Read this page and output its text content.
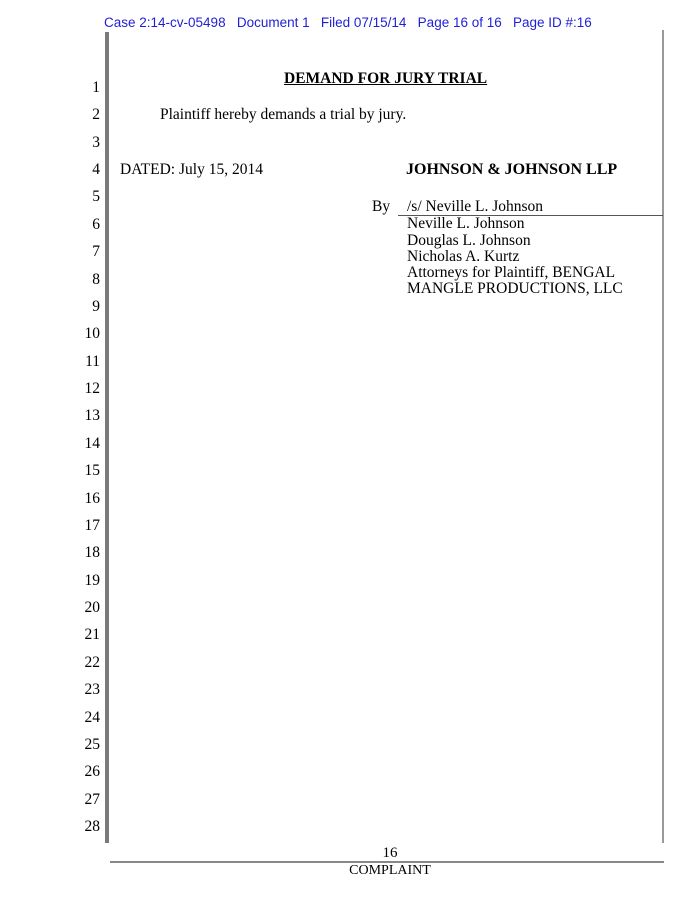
Case 2:14-cv-05498   Document 1   Filed 07/15/14   Page 16 of 16   Page ID #:16
1
2
3
4
5
6
7
8
9
10
11
12
13
14
15
16
17
18
19
20
21
22
23
24
25
26
27
28
DEMAND FOR JURY TRIAL
Plaintiff hereby demands a trial by jury.
DATED: July 15, 2014	JOHNSON & JOHNSON LLP
By /s/ Neville L. Johnson
Neville L. Johnson
Douglas L. Johnson
Nicholas A. Kurtz
Attorneys for Plaintiff, BENGAL
MANGLE PRODUCTIONS, LLC
16
COMPLAINT
